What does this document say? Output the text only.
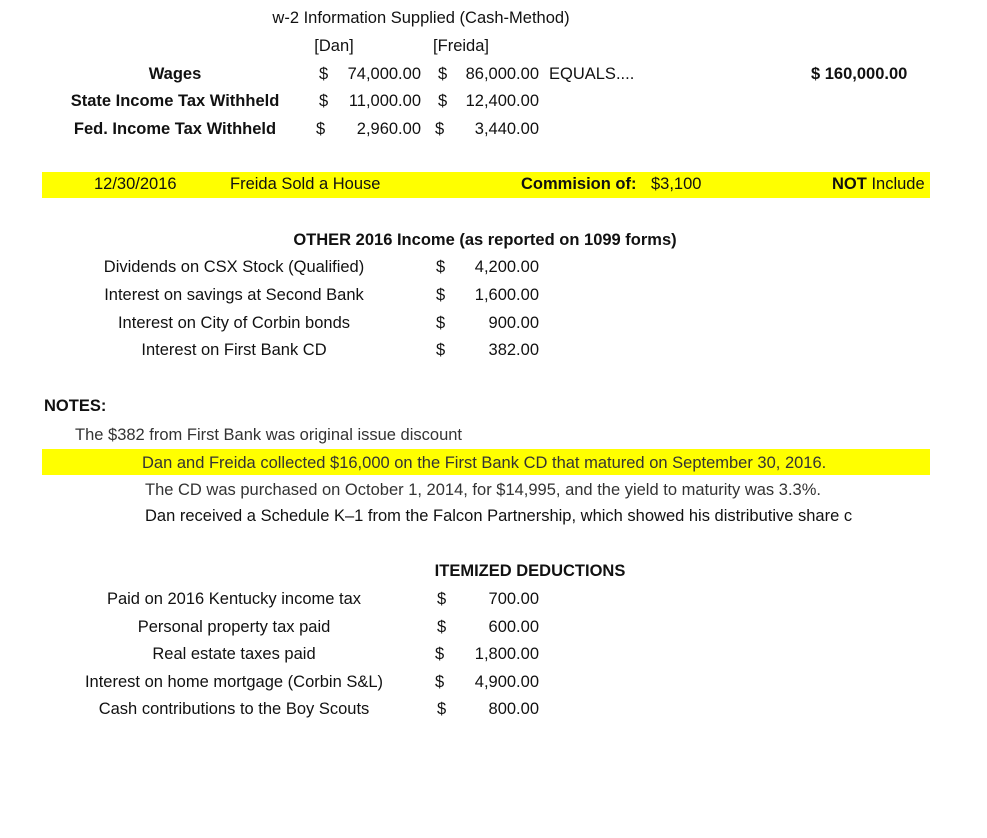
w-2 Information Supplied (Cash-Method)
[Dan]	[Freida]
Wages	$ 74,000.00 $ 86,000.00 EQUALS....	$ 160,000.00
State Income Tax Withheld $ 11,000.00 $ 12,400.00
Fed. Income Tax Withheld $ 2,960.00 $ 3,440.00
12/30/2016	Freida Sold a House	Commision of: $3,100	NOT Include
OTHER 2016 Income (as reported on 1099 forms)
Dividends on CSX Stock (Qualified)	$ 4,200.00
Interest on savings at Second Bank	$ 1,600.00
Interest on City of Corbin bonds	$	900.00
Interest on First Bank CD	$	382.00
NOTES:
The $382 from First Bank was original issue discount
Dan and Freida collected $16,000 on the First Bank CD that matured on September 30, 2016.
The CD was purchased on October 1, 2014, for $14,995, and the yield to maturity was 3.3%.
Dan received a Schedule K–1 from the Falcon Partnership, which showed his distributive share c
ITEMIZED DEDUCTIONS
Paid on 2016 Kentucky income tax	$	700.00
Personal property tax paid	$	600.00
Real estate taxes paid	$ 1,800.00
Interest on home mortgage (Corbin S&L)	$ 4,900.00
Cash contributions to the Boy Scouts	$	800.00
